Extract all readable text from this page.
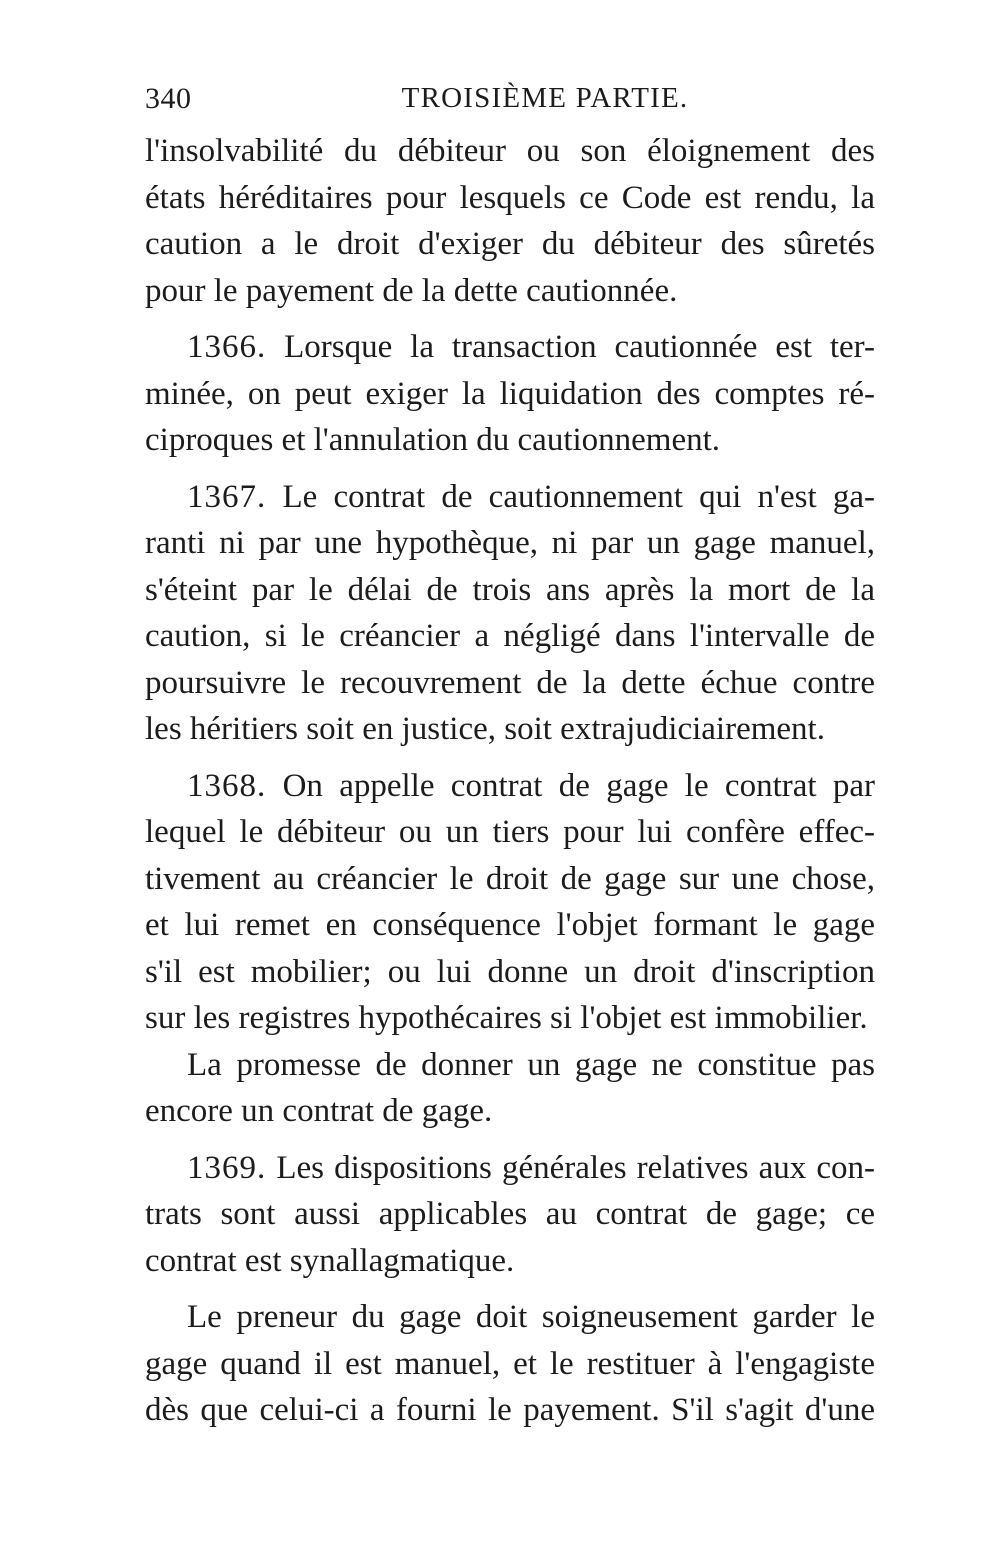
340	TROISIÈME PARTIE.
l'insolvabilité du débiteur ou son éloignement des
états héréditaires pour lesquels ce Code est rendu, la
caution a le droit d'exiger du débiteur des sûretés
pour le payement de la dette cautionnée.
1366. Lorsque la transaction cautionnée est ter-
minée, on peut exiger la liquidation des comptes ré-
ciproques et l'annulation du cautionnement.
1367. Le contrat de cautionnement qui n'est ga-
ranti ni par une hypothèque, ni par un gage manuel,
s'éteint par le délai de trois ans après la mort de la
caution, si le créancier a négligé dans l'intervalle de
poursuivre le recouvrement de la dette échue contre
les héritiers soit en justice, soit extrajudiciairement.
1368. On appelle contrat de gage le contrat par
lequel le débiteur ou un tiers pour lui confère effec-
tivement au créancier le droit de gage sur une chose,
et lui remet en conséquence l'objet formant le gage
s'il est mobilier; ou lui donne un droit d'inscription
sur les registres hypothécaires si l'objet est immobilier.
La promesse de donner un gage ne constitue pas
encore un contrat de gage.
1369. Les dispositions générales relatives aux con-
trats sont aussi applicables au contrat de gage; ce
contrat est synallagmatique.
Le preneur du gage doit soigneusement garder le
gage quand il est manuel, et le restituer à l'engagiste
dès que celui-ci a fourni le payement. S'il s'agit d'une
